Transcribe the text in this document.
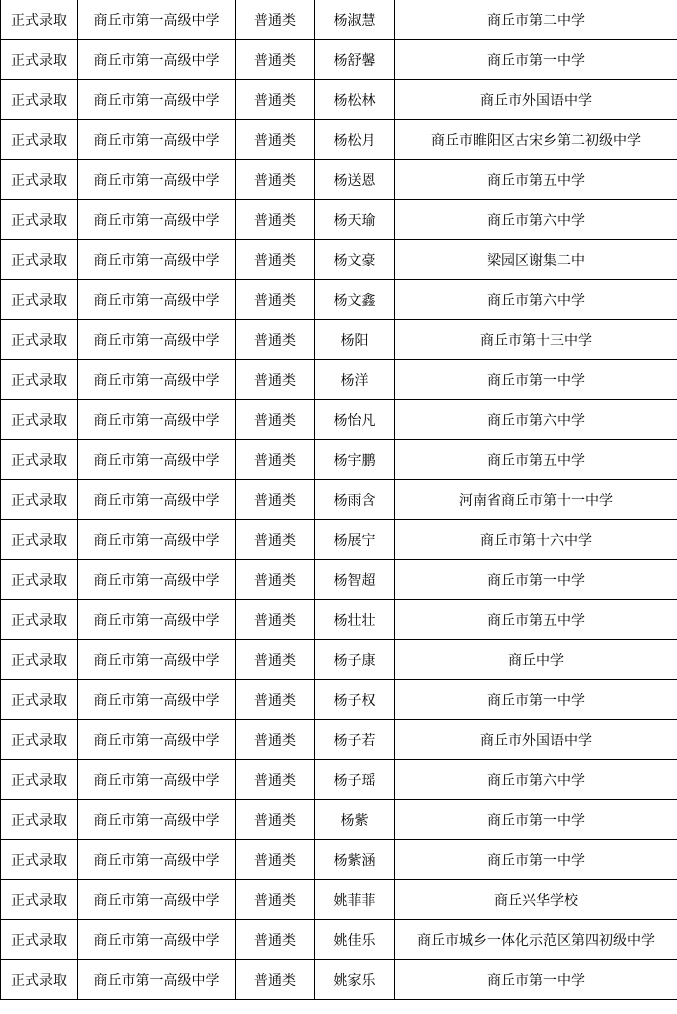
正式录取	商丘市第一高级中学	普通类	杨淑慧	商丘市第二中学
正式录取	商丘市第一高级中学	普通类	杨舒馨	商丘市第一中学
正式录取	商丘市第一高级中学	普通类	杨松林	商丘市外国语中学
正式录取	商丘市第一高级中学	普通类	杨松月	商丘市睢阳区古宋乡第二初级中学
正式录取	商丘市第一高级中学	普通类	杨送恩	商丘市第五中学
正式录取	商丘市第一高级中学	普通类	杨天瑜	商丘市第六中学
正式录取	商丘市第一高级中学	普通类	杨文豪	梁园区谢集二中
正式录取	商丘市第一高级中学	普通类	杨文鑫	商丘市第六中学
正式录取	商丘市第一高级中学	普通类	杨阳	商丘市第十三中学
正式录取	商丘市第一高级中学	普通类	杨洋	商丘市第一中学
正式录取	商丘市第一高级中学	普通类	杨怡凡	商丘市第六中学
正式录取	商丘市第一高级中学	普通类	杨宇鹏	商丘市第五中学
正式录取	商丘市第一高级中学	普通类	杨雨含	河南省商丘市第十一中学
正式录取	商丘市第一高级中学	普通类	杨展宁	商丘市第十六中学
正式录取	商丘市第一高级中学	普通类	杨智超	商丘市第一中学
正式录取	商丘市第一高级中学	普通类	杨壮壮	商丘市第五中学
正式录取	商丘市第一高级中学	普通类	杨子康	商丘中学
正式录取	商丘市第一高级中学	普通类	杨子权	商丘市第一中学
正式录取	商丘市第一高级中学	普通类	杨子若	商丘市外国语中学
正式录取	商丘市第一高级中学	普通类	杨子瑶	商丘市第六中学
正式录取	商丘市第一高级中学	普通类	杨紫	商丘市第一中学
正式录取	商丘市第一高级中学	普通类	杨紫涵	商丘市第一中学
正式录取	商丘市第一高级中学	普通类	姚菲菲	商丘兴华学校
正式录取	商丘市第一高级中学	普通类	姚佳乐	商丘市城乡一体化示范区第四初级中学
正式录取	商丘市第一高级中学	普通类	姚家乐	商丘市第一中学
